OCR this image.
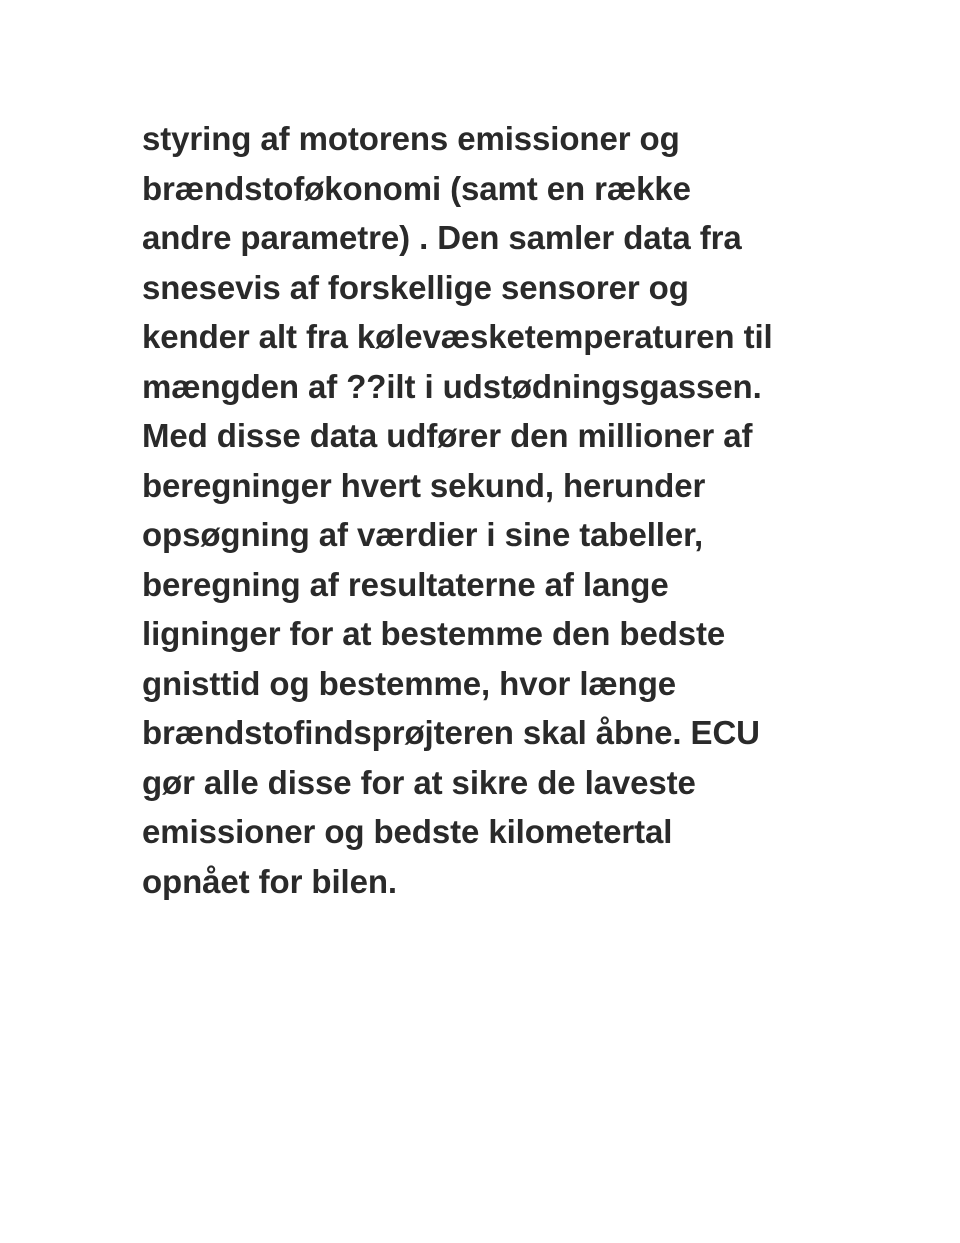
styring af motorens emissioner og
brændstoføkonomi (samt en række
andre parametre) . Den samler data fra
snesevis af forskellige sensorer og
kender alt fra kølevæsketemperaturen til
mængden af ??ilt i udstødningsgassen.
Med disse data udfører den millioner af
beregninger hvert sekund, herunder
opsøgning af værdier i sine tabeller,
beregning af resultaterne af lange
ligninger for at bestemme den bedste
gnisttid og bestemme, hvor længe
brændstofindsprøjteren skal åbne. ECU
gør alle disse for at sikre de laveste
emissioner og bedste kilometertal
opnået for bilen.
